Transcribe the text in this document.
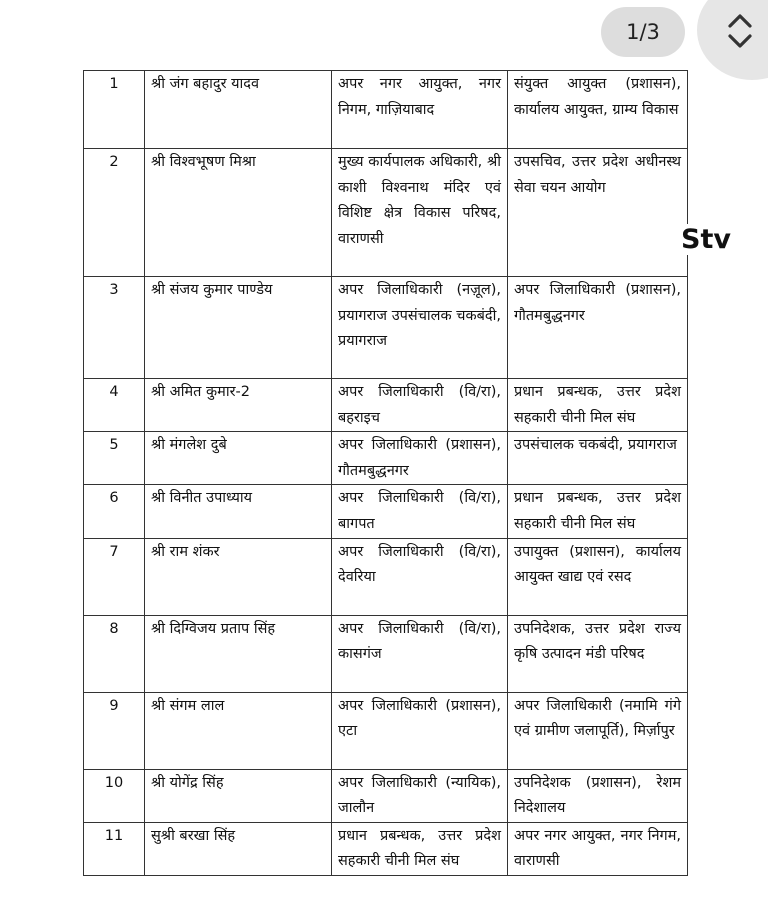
1/3
1	श्री जंग बहादुर यादव	अपर नगर आयुक्त, नगर निगम, गाज़ियाबाद	संयुक्त आयुक्त (प्रशासन), कार्यालय आयुक्त, ग्राम्य विकास
2	श्री विश्वभूषण मिश्रा	मुख्य कार्यपालक अधिकारी, श्री काशी विश्वनाथ मंदिर एवं विशिष्ट क्षेत्र विकास परिषद, वाराणसी	उपसचिव, उत्तर प्रदेश अधीनस्थ सेवा चयन आयोग
3	श्री संजय कुमार पाण्डेय	अपर जिलाधिकारी (नज़ूल), प्रयागराज उपसंचालक चकबंदी, प्रयागराज	अपर जिलाधिकारी (प्रशासन), गौतमबुद्धनगर
4	श्री अमित कुमार-2	अपर जिलाधिकारी (वि/रा), बहराइच	प्रधान प्रबन्धक, उत्तर प्रदेश सहकारी चीनी मिल संघ
5	श्री मंगलेश दुबे	अपर जिलाधिकारी (प्रशासन), गौतमबुद्धनगर	उपसंचालक चकबंदी, प्रयागराज
6	श्री विनीत उपाध्याय	अपर जिलाधिकारी (वि/रा), बागपत	प्रधान प्रबन्धक, उत्तर प्रदेश सहकारी चीनी मिल संघ
7	श्री राम शंकर	अपर जिलाधिकारी (वि/रा), देवरिया	उपायुक्त (प्रशासन), कार्यालय आयुक्त खाद्य एवं रसद
8	श्री दिग्विजय प्रताप सिंह	अपर जिलाधिकारी (वि/रा), कासगंज	उपनिदेशक, उत्तर प्रदेश राज्य कृषि उत्पादन मंडी परिषद
9	श्री संगम लाल	अपर जिलाधिकारी (प्रशासन), एटा	अपर जिलाधिकारी (नमामि गंगे एवं ग्रामीण जलापूर्ति), मिर्ज़ापुर
10	श्री योगेंद्र सिंह	अपर जिलाधिकारी (न्यायिक), जालौन	उपनिदेशक (प्रशासन), रेशम निदेशालय
11	सुश्री बरखा सिंह	प्रधान प्रबन्धक, उत्तर प्रदेश सहकारी चीनी मिल संघ	अपर नगर आयुक्त, नगर निगम, वाराणसी
Stv
